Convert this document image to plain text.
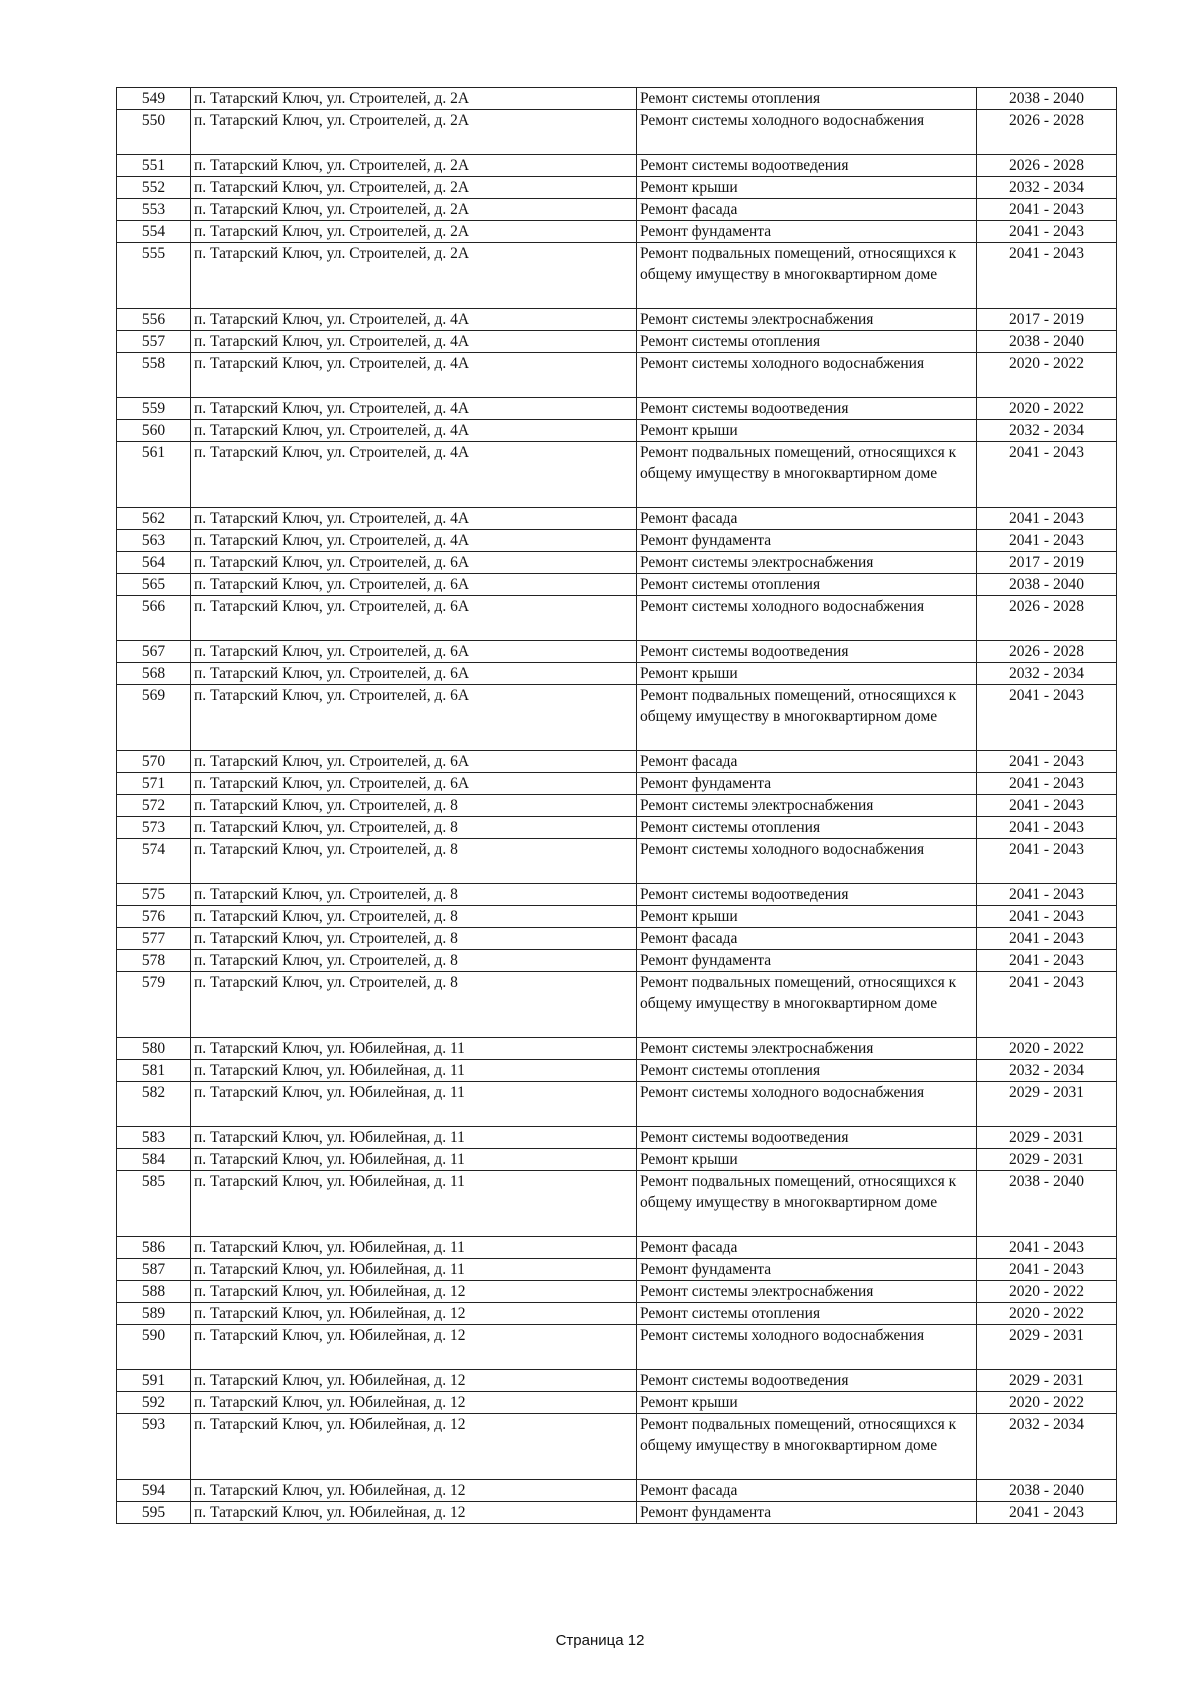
549	п. Татарский Ключ, ул. Строителей, д. 2А	Ремонт системы отопления	2038 - 2040
550	п. Татарский Ключ, ул. Строителей, д. 2А	Ремонт системы холодного водоснабжения	2026 - 2028
551	п. Татарский Ключ, ул. Строителей, д. 2А	Ремонт системы водоотведения	2026 - 2028
552	п. Татарский Ключ, ул. Строителей, д. 2А	Ремонт крыши	2032 - 2034
553	п. Татарский Ключ, ул. Строителей, д. 2А	Ремонт фасада	2041 - 2043
554	п. Татарский Ключ, ул. Строителей, д. 2А	Ремонт фундамента	2041 - 2043
555	п. Татарский Ключ, ул. Строителей, д. 2А	Ремонт подвальных помещений, относящихся к общему имуществу в многоквартирном доме	2041 - 2043
556	п. Татарский Ключ, ул. Строителей, д. 4А	Ремонт системы электроснабжения	2017 - 2019
557	п. Татарский Ключ, ул. Строителей, д. 4А	Ремонт системы отопления	2038 - 2040
558	п. Татарский Ключ, ул. Строителей, д. 4А	Ремонт системы холодного водоснабжения	2020 - 2022
559	п. Татарский Ключ, ул. Строителей, д. 4А	Ремонт системы водоотведения	2020 - 2022
560	п. Татарский Ключ, ул. Строителей, д. 4А	Ремонт крыши	2032 - 2034
561	п. Татарский Ключ, ул. Строителей, д. 4А	Ремонт подвальных помещений, относящихся к общему имуществу в многоквартирном доме	2041 - 2043
562	п. Татарский Ключ, ул. Строителей, д. 4А	Ремонт фасада	2041 - 2043
563	п. Татарский Ключ, ул. Строителей, д. 4А	Ремонт фундамента	2041 - 2043
564	п. Татарский Ключ, ул. Строителей, д. 6А	Ремонт системы электроснабжения	2017 - 2019
565	п. Татарский Ключ, ул. Строителей, д. 6А	Ремонт системы отопления	2038 - 2040
566	п. Татарский Ключ, ул. Строителей, д. 6А	Ремонт системы холодного водоснабжения	2026 - 2028
567	п. Татарский Ключ, ул. Строителей, д. 6А	Ремонт системы водоотведения	2026 - 2028
568	п. Татарский Ключ, ул. Строителей, д. 6А	Ремонт крыши	2032 - 2034
569	п. Татарский Ключ, ул. Строителей, д. 6А	Ремонт подвальных помещений, относящихся к общему имуществу в многоквартирном доме	2041 - 2043
570	п. Татарский Ключ, ул. Строителей, д. 6А	Ремонт фасада	2041 - 2043
571	п. Татарский Ключ, ул. Строителей, д. 6А	Ремонт фундамента	2041 - 2043
572	п. Татарский Ключ, ул. Строителей, д. 8	Ремонт системы электроснабжения	2041 - 2043
573	п. Татарский Ключ, ул. Строителей, д. 8	Ремонт системы отопления	2041 - 2043
574	п. Татарский Ключ, ул. Строителей, д. 8	Ремонт системы холодного водоснабжения	2041 - 2043
575	п. Татарский Ключ, ул. Строителей, д. 8	Ремонт системы водоотведения	2041 - 2043
576	п. Татарский Ключ, ул. Строителей, д. 8	Ремонт крыши	2041 - 2043
577	п. Татарский Ключ, ул. Строителей, д. 8	Ремонт фасада	2041 - 2043
578	п. Татарский Ключ, ул. Строителей, д. 8	Ремонт фундамента	2041 - 2043
579	п. Татарский Ключ, ул. Строителей, д. 8	Ремонт подвальных помещений, относящихся к общему имуществу в многоквартирном доме	2041 - 2043
580	п. Татарский Ключ, ул. Юбилейная, д. 11	Ремонт системы электроснабжения	2020 - 2022
581	п. Татарский Ключ, ул. Юбилейная, д. 11	Ремонт системы отопления	2032 - 2034
582	п. Татарский Ключ, ул. Юбилейная, д. 11	Ремонт системы холодного водоснабжения	2029 - 2031
583	п. Татарский Ключ, ул. Юбилейная, д. 11	Ремонт системы водоотведения	2029 - 2031
584	п. Татарский Ключ, ул. Юбилейная, д. 11	Ремонт крыши	2029 - 2031
585	п. Татарский Ключ, ул. Юбилейная, д. 11	Ремонт подвальных помещений, относящихся к общему имуществу в многоквартирном доме	2038 - 2040
586	п. Татарский Ключ, ул. Юбилейная, д. 11	Ремонт фасада	2041 - 2043
587	п. Татарский Ключ, ул. Юбилейная, д. 11	Ремонт фундамента	2041 - 2043
588	п. Татарский Ключ, ул. Юбилейная, д. 12	Ремонт системы электроснабжения	2020 - 2022
589	п. Татарский Ключ, ул. Юбилейная, д. 12	Ремонт системы отопления	2020 - 2022
590	п. Татарский Ключ, ул. Юбилейная, д. 12	Ремонт системы холодного водоснабжения	2029 - 2031
591	п. Татарский Ключ, ул. Юбилейная, д. 12	Ремонт системы водоотведения	2029 - 2031
592	п. Татарский Ключ, ул. Юбилейная, д. 12	Ремонт крыши	2020 - 2022
593	п. Татарский Ключ, ул. Юбилейная, д. 12	Ремонт подвальных помещений, относящихся к общему имуществу в многоквартирном доме	2032 - 2034
594	п. Татарский Ключ, ул. Юбилейная, д. 12	Ремонт фасада	2038 - 2040
595	п. Татарский Ключ, ул. Юбилейная, д. 12	Ремонт фундамента	2041 - 2043
Страница 12
